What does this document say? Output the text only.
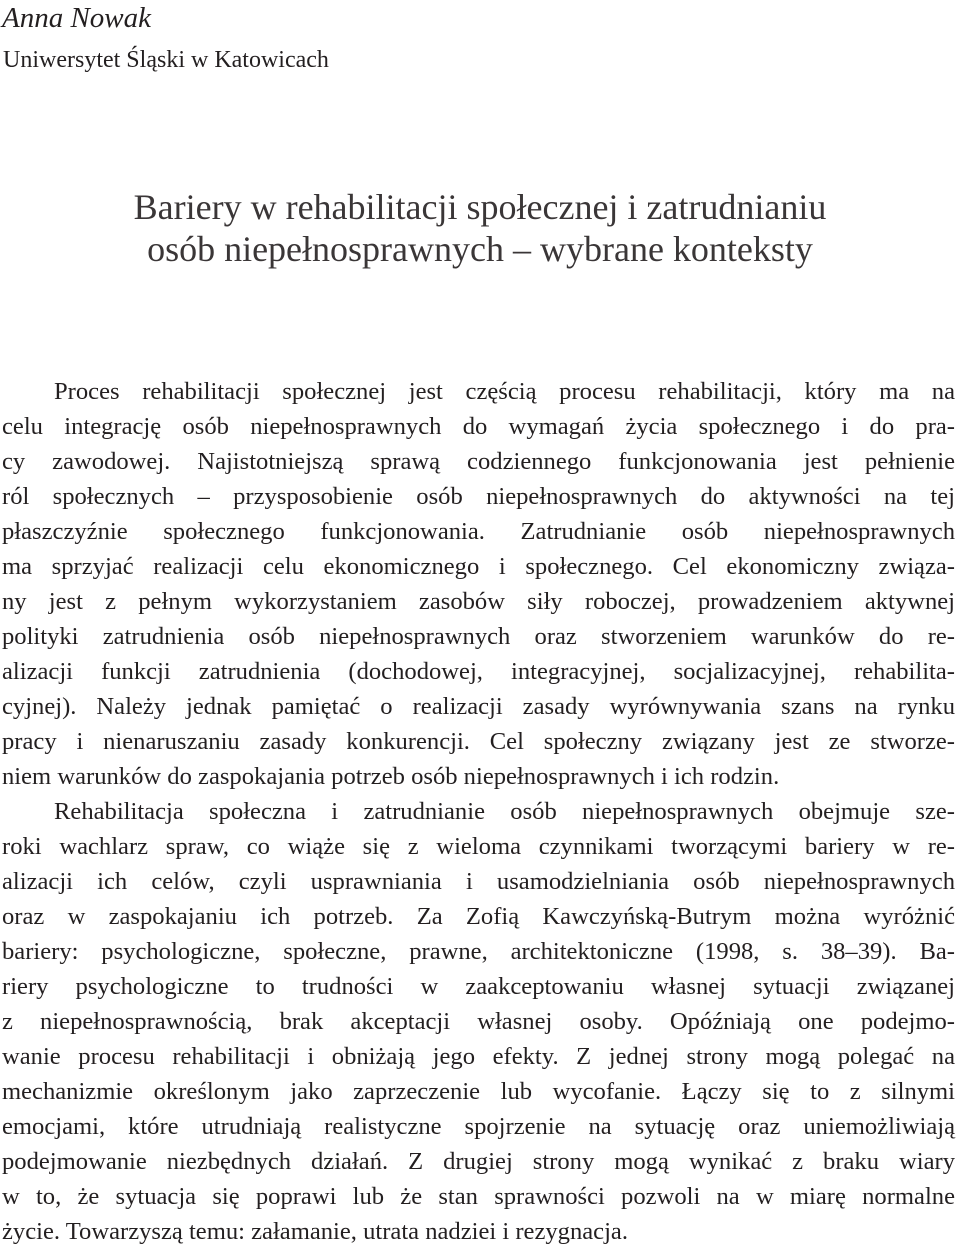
Anna Nowak
Uniwersytet Śląski w Katowicach
Bariery w rehabilitacji społecznej i zatrudnianiu
osób niepełnosprawnych – wybrane konteksty
Proces rehabilitacji społecznej jest częścią procesu rehabilitacji, który ma na
celu integrację osób niepełnosprawnych do wymagań życia społecznego i do pra-
cy zawodowej. Najistotniejszą sprawą codziennego funkcjonowania jest pełnienie
ról społecznych – przysposobienie osób niepełnosprawnych do aktywności na tej
płaszczyźnie społecznego funkcjonowania. Zatrudnianie osób niepełnosprawnych
ma sprzyjać realizacji celu ekonomicznego i społecznego. Cel ekonomiczny związa-
ny jest z pełnym wykorzystaniem zasobów siły roboczej, prowadzeniem aktywnej
polityki zatrudnienia osób niepełnosprawnych oraz stworzeniem warunków do re-
alizacji funkcji zatrudnienia (dochodowej, integracyjnej, socjalizacyjnej, rehabilita-
cyjnej). Należy jednak pamiętać o realizacji zasady wyrównywania szans na rynku
pracy i nienaruszaniu zasady konkurencji. Cel społeczny związany jest ze stworze-
niem warunków do zaspokajania potrzeb osób niepełnosprawnych i ich rodzin.
Rehabilitacja społeczna i zatrudnianie osób niepełnosprawnych obejmuje sze-
roki wachlarz spraw, co wiąże się z wieloma czynnikami tworzącymi bariery w re-
alizacji ich celów, czyli usprawniania i usamodzielniania osób niepełnosprawnych
oraz w zaspokajaniu ich potrzeb. Za Zofią Kawczyńską-Butrym można wyróżnić
bariery: psychologiczne, społeczne, prawne, architektoniczne (1998, s. 38–39). Ba-
riery psychologiczne to trudności w zaakceptowaniu własnej sytuacji związanej
z niepełnosprawnością, brak akceptacji własnej osoby. Opóźniają one podejmo-
wanie procesu rehabilitacji i obniżają jego efekty. Z jednej strony mogą polegać na
mechanizmie określonym jako zaprzeczenie lub wycofanie. Łączy się to z silnymi
emocjami, które utrudniają realistyczne spojrzenie na sytuację oraz uniemożliwiają
podejmowanie niezbędnych działań. Z drugiej strony mogą wynikać z braku wiary
w to, że sytuacja się poprawi lub że stan sprawności pozwoli na w miarę normalne
życie. Towarzyszą temu: załamanie, utrata nadziei i rezygnacja.
